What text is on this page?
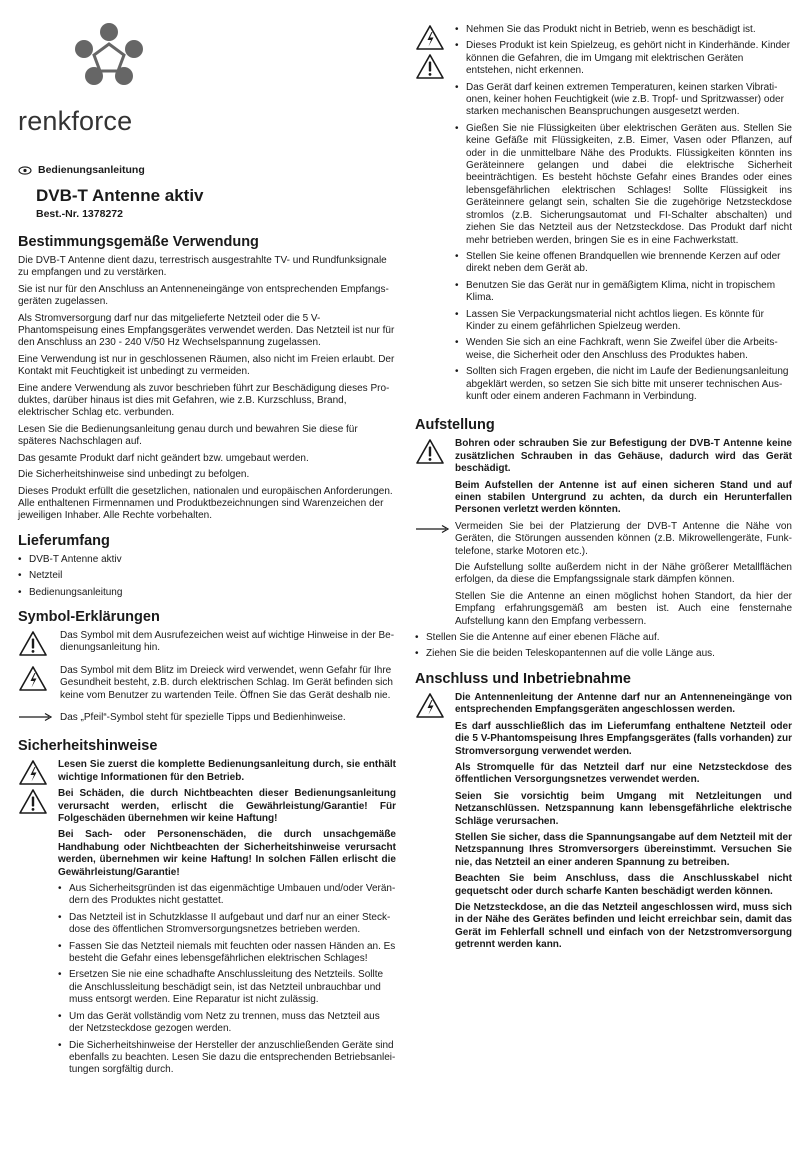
renkforce
Bedienungsanleitung
DVB-T Antenne aktiv
Best.-Nr. 1378272
Bestimmungsgemäße Verwendung

Die DVB-T Antenne dient dazu, terrestrisch ausgestrahlte TV- und Rundfunksignale zu empfangen und zu verstärken.

Sie ist nur für den Anschluss an Antenneneingänge von entsprechenden Empfangsgeräten zugelassen.

Als Stromversorgung darf nur das mitgelieferte Netzteil oder die 5 V-Phantomspeisung eines Empfangsgerätes verwendet werden. Das Netzteil ist nur für den Anschluss an 230 - 240 V/50 Hz Wechselspannung zugelassen.

Eine Verwendung ist nur in geschlossenen Räumen, also nicht im Freien erlaubt. Der Kontakt mit Feuchtigkeit ist unbedingt zu vermeiden.

Eine andere Verwendung als zuvor beschrieben führt zur Beschädigung dieses Produktes, darüber hinaus ist dies mit Gefahren, wie z.B. Kurzschluss, Brand, elektrischer Schlag etc. verbunden.

Lesen Sie die Bedienungsanleitung genau durch und bewahren Sie diese für späteres Nachschlagen auf.

Das gesamte Produkt darf nicht geändert bzw. umgebaut werden.

Die Sicherheitshinweise sind unbedingt zu befolgen.

Dieses Produkt erfüllt die gesetzlichen, nationalen und europäischen Anforderungen. Alle enthaltenen Firmennamen und Produktbezeichnungen sind Warenzeichen der jeweiligen Inhaber. Alle Rechte vorbehalten.

Lieferumfang
• DVB-T Antenne aktiv
• Netzteil
• Bedienungsanleitung
Symbol-Erklärungen

Das Symbol mit dem Ausrufezeichen weist auf wichtige Hinweise in der Bedienungsanleitung hin.

Das Symbol mit dem Blitz im Dreieck wird verwendet, wenn Gefahr für Ihre Gesundheit besteht, z.B. durch elektrischen Schlag. Im Gerät befinden sich keine vom Benutzer zu wartenden Teile. Öffnen Sie das Gerät deshalb nie.

Das „Pfeil“-Symbol steht für spezielle Tipps und Bedienhinweise.

Sicherheitshinweise

Lesen Sie zuerst die komplette Bedienungsanleitung durch, sie enthält wichtige Informationen für den Betrieb.

Bei Schäden, die durch Nichtbeachten dieser Bedienungsanleitung verursacht werden, erlischt die Gewährleistung/Garantie! Für Folgeschäden übernehmen wir keine Haftung!

Bei Sach- oder Personenschäden, die durch unsachgemäße Handhabung oder Nichtbeachten der Sicherheitshinweise verursacht werden, übernehmen wir keine Haftung! In solchen Fällen erlischt die Gewährleistung/Garantie!

• Aus Sicherheitsgründen ist das eigenmächtige Umbauen und/oder Verändern des Produktes nicht gestattet.
• Das Netzteil ist in Schutzklasse II aufgebaut und darf nur an einer Steckdose des öffentlichen Stromversorgungsnetzes betrieben werden.
• Fassen Sie das Netzteil niemals mit feuchten oder nassen Händen an. Es besteht die Gefahr eines lebensgefährlichen elektrischen Schlages!
• Ersetzen Sie nie eine schadhafte Anschlussleitung des Netzteils. Sollte die Anschlussleitung beschädigt sein, ist das Netzteil unbrauchbar und muss entsorgt werden. Eine Reparatur ist nicht zulässig.
• Um das Gerät vollständig vom Netz zu trennen, muss das Netzteil aus der Netzsteckdose gezogen werden.
• Die Sicherheitshinweise der Hersteller der anzuschließenden Geräte sind ebenfalls zu beachten. Lesen Sie dazu die entsprechenden Betriebsanleitungen sorgfältig durch.
• Nehmen Sie das Produkt nicht in Betrieb, wenn es beschädigt ist.
• Dieses Produkt ist kein Spielzeug, es gehört nicht in Kinderhände. Kinder können die Gefahren, die im Umgang mit elektrischen Geräten entstehen, nicht erkennen.
• Das Gerät darf keinen extremen Temperaturen, keinen starken Vibrationen, keiner hohen Feuchtigkeit (wie z.B. Tropf- und Spritzwasser) oder starken mechanischen Beanspruchungen ausgesetzt werden.
• Gießen Sie nie Flüssigkeiten über elektrischen Geräten aus. Stellen Sie keine Gefäße mit Flüssigkeiten, z.B. Eimer, Vasen oder Pflanzen, auf oder in die unmittelbare Nähe des Produkts. Flüssigkeiten könnten ins Geräteinnere gelangen und dabei die elektrische Sicherheit beeinträchtigen. Es besteht höchste Gefahr eines Brandes oder eines lebensgefährlichen elektrischen Schlages! Sollte Flüssigkeit ins Geräteinnere gelangt sein, schalten Sie die zugehörige Netzsteckdose stromlos (z.B. Sicherungsautomat und FI-Schalter abschalten) und ziehen Sie das Netzteil aus der Netzsteckdose. Das Produkt darf nicht mehr betrieben werden, bringen Sie es in eine Fachwerkstatt.
• Stellen Sie keine offenen Brandquellen wie brennende Kerzen auf oder direkt neben dem Gerät ab.
• Benutzen Sie das Gerät nur in gemäßigtem Klima, nicht in tropischem Klima.
• Lassen Sie Verpackungsmaterial nicht achtlos liegen. Es könnte für Kinder zu einem gefährlichen Spielzeug werden.
• Wenden Sie sich an eine Fachkraft, wenn Sie Zweifel über die Arbeitsweise, die Sicherheit oder den Anschluss des Produktes haben.
• Sollten sich Fragen ergeben, die nicht im Laufe der Bedienungsanleitung abgeklärt werden, so setzen Sie sich bitte mit unserer technischen Auskunft oder einem anderen Fachmann in Verbindung.
Aufstellung

Bohren oder schrauben Sie zur Befestigung der DVB-T Antenne keine zusätzlichen Schrauben in das Gehäuse, dadurch wird das Gerät beschädigt.

Beim Aufstellen der Antenne ist auf einen sicheren Stand und auf einen stabilen Untergrund zu achten, da durch ein Herunterfallen Personen verletzt werden könnten.

Vermeiden Sie bei der Platzierung der DVB-T Antenne die Nähe von Geräten, die Störungen aussenden können (z.B. Mikrowellengeräte, Funktelefone, starke Motoren etc.).

Die Aufstellung sollte außerdem nicht in der Nähe größerer Metallflächen erfolgen, da diese die Empfangssignale stark dämpfen können.

Stellen Sie die Antenne an einen möglichst hohen Standort, da hier der Empfang erfahrungsgemäß am besten ist. Auch eine fensternahe Aufstellung kann den Empfang verbessern.

• Stellen Sie die Antenne auf einer ebenen Fläche auf.
• Ziehen Sie die beiden Teleskopantennen auf die volle Länge aus.
Anschluss und Inbetriebnahme

Die Antennenleitung der Antenne darf nur an Antenneneingänge von entsprechenden Empfangsgeräten angeschlossen werden.

Es darf ausschließlich das im Lieferumfang enthaltene Netzteil oder die 5 V-Phantomspeisung Ihres Empfangsgerätes (falls vorhanden) zur Stromversorgung verwendet werden.

Als Stromquelle für das Netzteil darf nur eine Netzsteckdose des öffentlichen Versorgungsnetzes verwendet werden.

Seien Sie vorsichtig beim Umgang mit Netzleitungen und Netzanschlüssen. Netzspannung kann lebensgefährliche elektrische Schläge verursachen.

Stellen Sie sicher, dass die Spannungsangabe auf dem Netzteil mit der Netzspannung Ihres Stromversorgers übereinstimmt. Versuchen Sie nie, das Netzteil an einer anderen Spannung zu betreiben.

Beachten Sie beim Anschluss, dass die Anschlusskabel nicht gequetscht oder durch scharfe Kanten beschädigt werden können.

Die Netzsteckdose, an die das Netzteil angeschlossen wird, muss sich in der Nähe des Gerätes befinden und leicht erreichbar sein, damit das Gerät im Fehlerfall schnell und einfach von der Netzstromversorgung getrennt werden kann.
